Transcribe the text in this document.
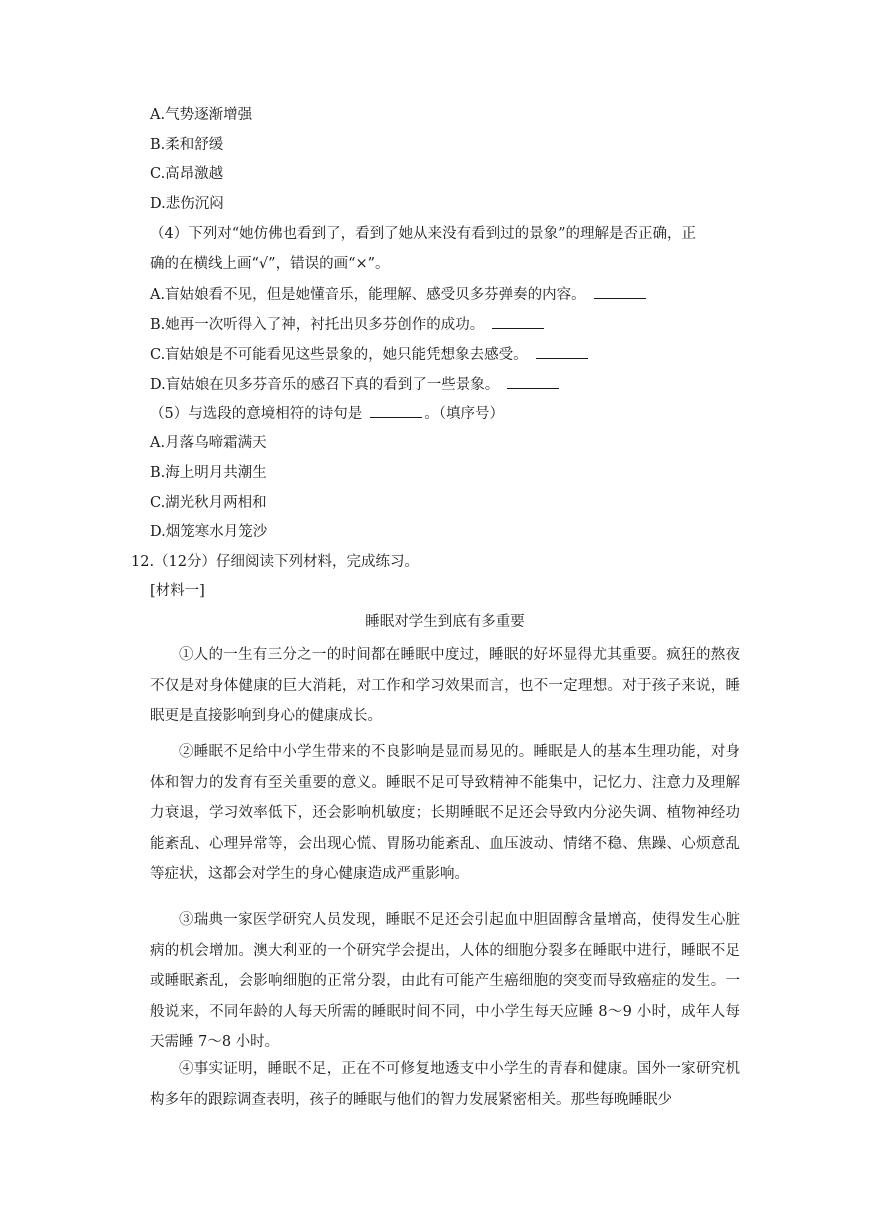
A.气势逐渐增强
B.柔和舒缓
C.高昂激越
D.悲伤沉闷
（4）下列对“她仿佛也看到了，看到了她从来没有看到过的景象”的理解是否正确，正
确的在横线上画“√”，错误的画“×”。
A.盲姑娘看不见，但是她懂音乐，能理解、感受贝多芬弹奏的内容。
B.她再一次听得入了神，衬托出贝多芬创作的成功。
C.盲姑娘是不可能看见这些景象的，她只能凭想象去感受。
D.盲姑娘在贝多芬音乐的感召下真的看到了一些景象。
（5）与选段的意境相符的诗句是	。（填序号）
A.月落乌啼霜满天
B.海上明月共潮生
C.湖光秋月两相和
D.烟笼寒水月笼沙
12.（12分）仔细阅读下列材料，完成练习。
[材料一]
睡眠对学生到底有多重要

①人的一生有三分之一的时间都在睡眠中度过，睡眠的好坏显得尤其重要。疯狂的熬夜不仅是对身体健康的巨大消耗，对工作和学习效果而言，也不一定理想。对于孩子来说，睡眠更是直接影响到身心的健康成长。

②睡眠不足给中小学生带来的不良影响是显而易见的。睡眠是人的基本生理功能，对身体和智力的发育有至关重要的意义。睡眠不足可导致精神不能集中，记忆力、注意力及理解力衰退，学习效率低下，还会影响机敏度；长期睡眠不足还会导致内分泌失调、植物神经功能紊乱、心理异常等，会出现心慌、胃肠功能紊乱、血压波动、情绪不稳、焦躁、心烦意乱等症状，这都会对学生的身心健康造成严重影响。

③瑞典一家医学研究人员发现，睡眠不足还会引起血中胆固醇含量增高，使得发生心脏病的机会增加。澳大利亚的一个研究学会提出，人体的细胞分裂多在睡眠中进行，睡眠不足或睡眠紊乱，会影响细胞的正常分裂，由此有可能产生癌细胞的突变而导致癌症的发生。一般说来，不同年龄的人每天所需的睡眠时间不同，中小学生每天应睡 8～9 小时，成年人每天需睡 7～8 小时。

④事实证明，睡眠不足，正在不可修复地透支中小学生的青春和健康。国外一家研究机构多年的跟踪调查表明，孩子的睡眠与他们的智力发展紧密相关。那些每晚睡眠少
